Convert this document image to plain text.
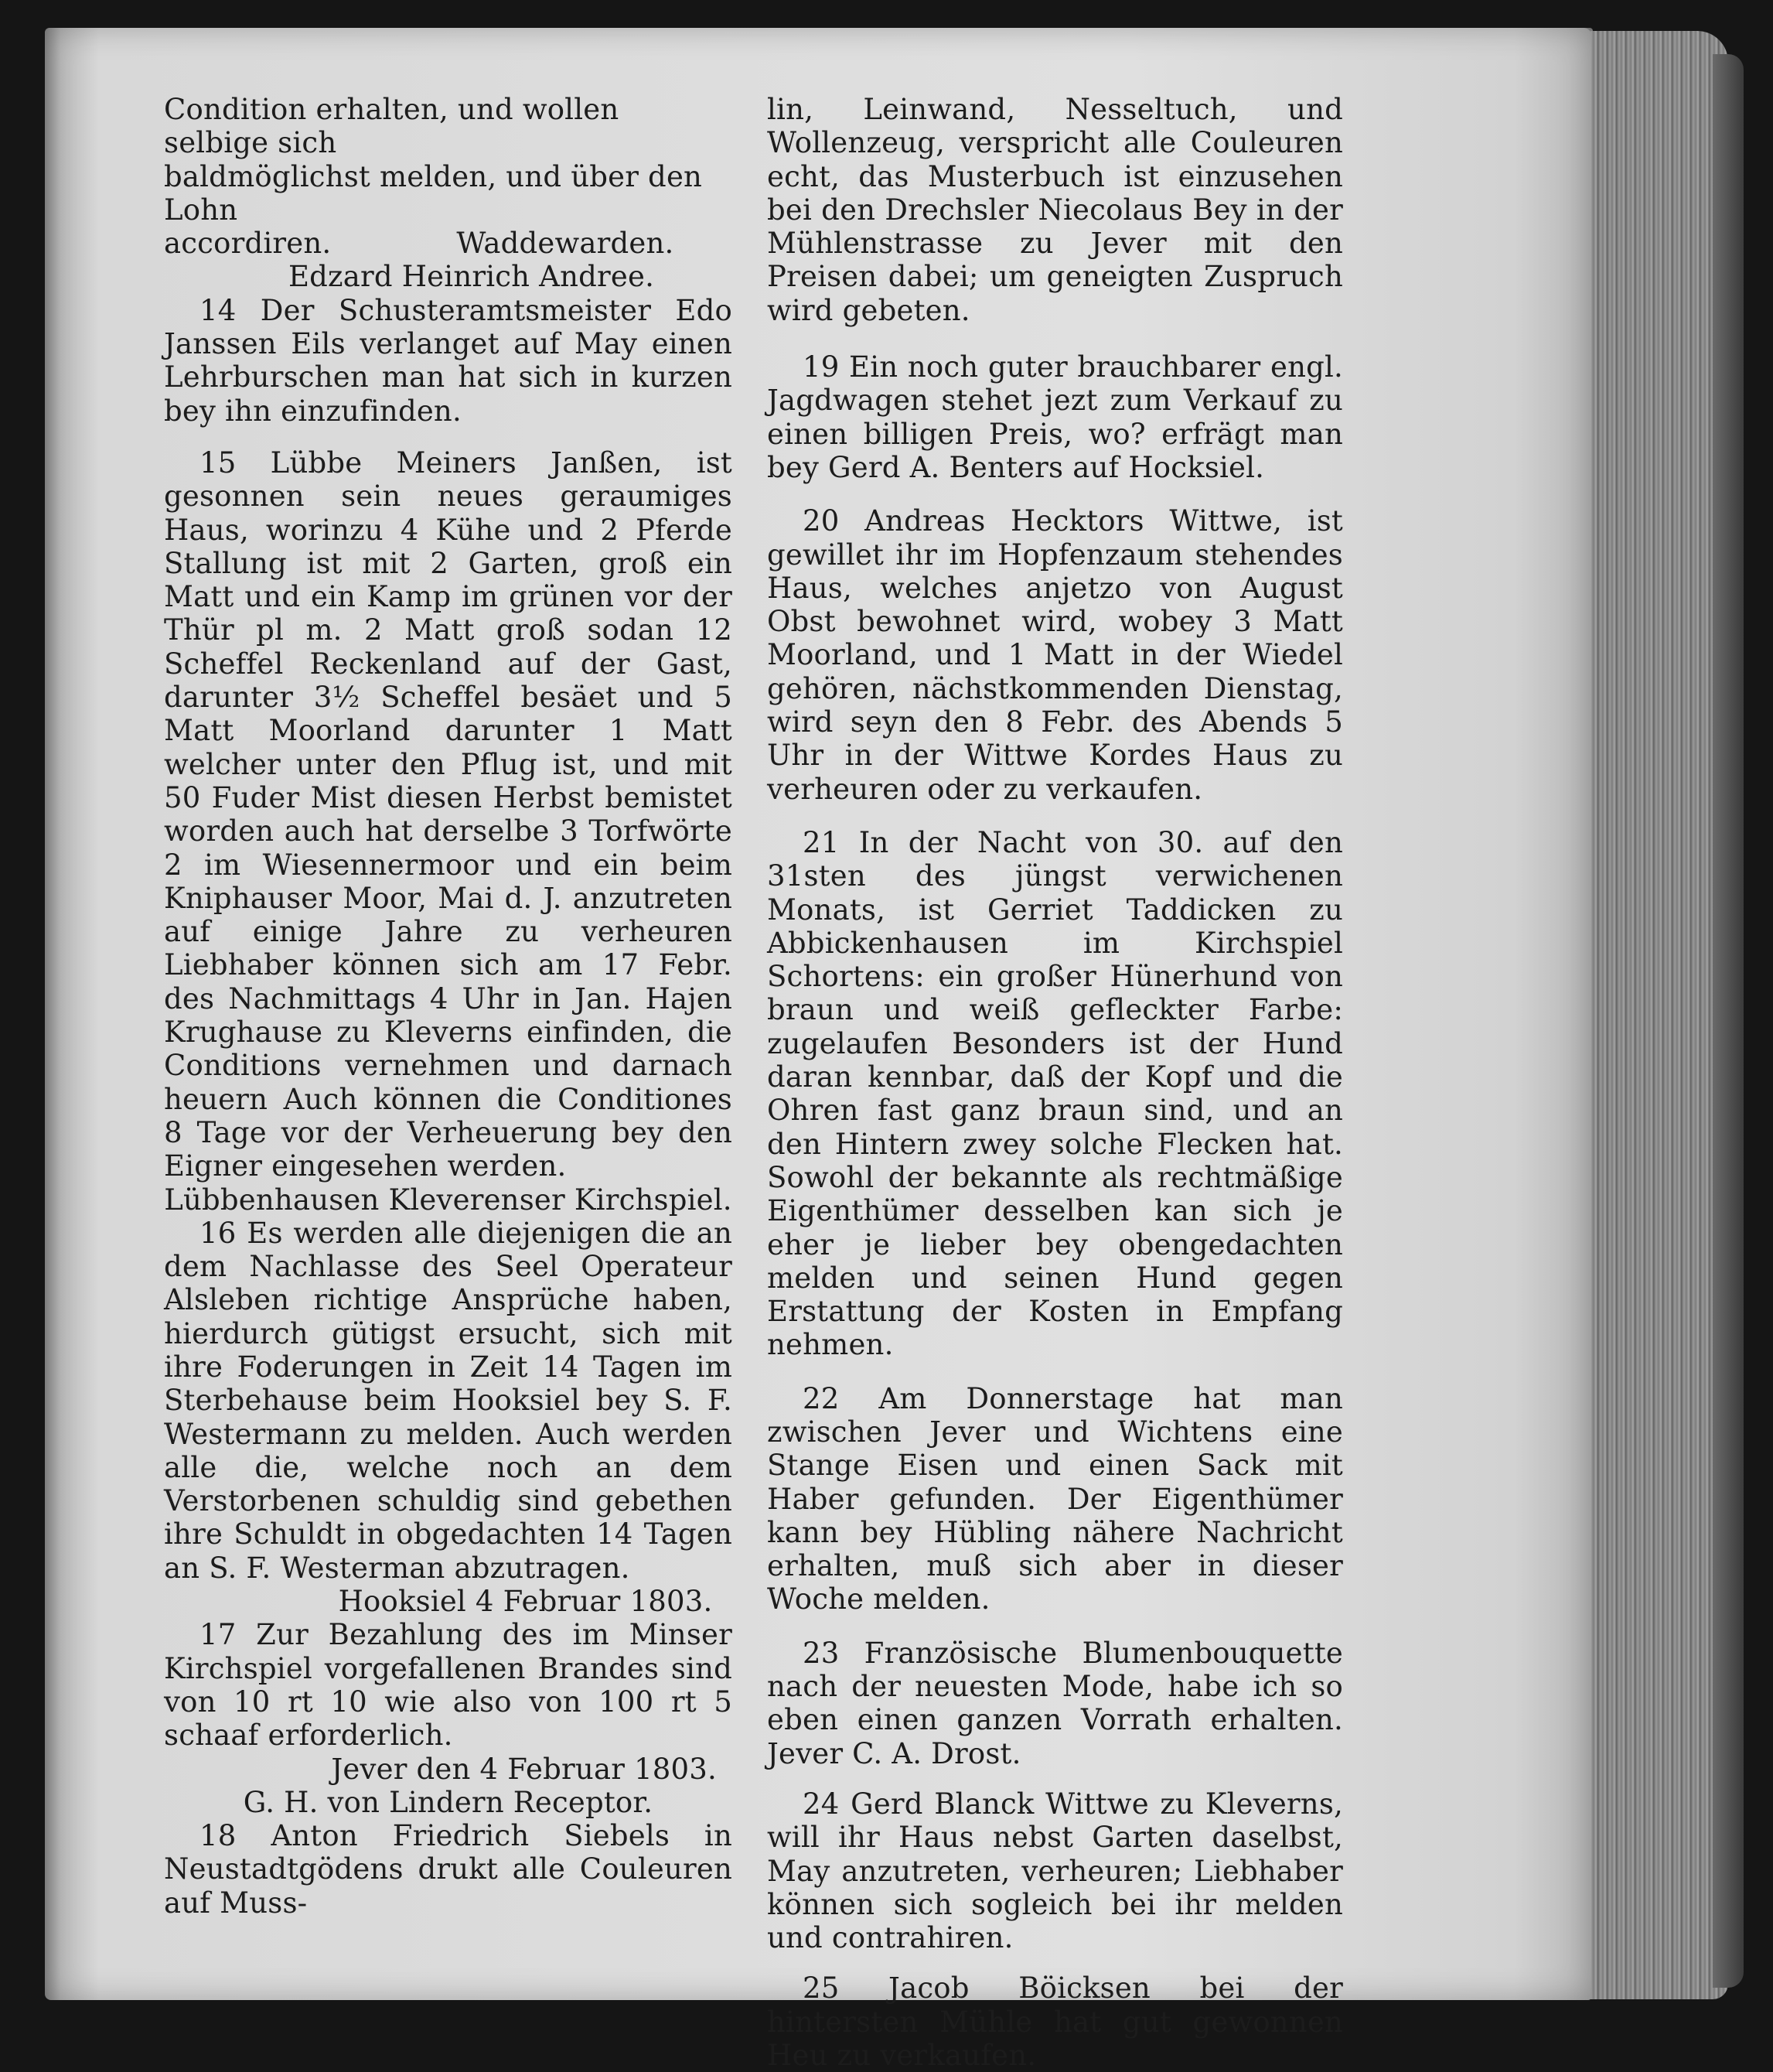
Condition erhalten, und wollen selbige sich

baldmöglichst melden, und über den Lohn

accordiren.	Waddewarden.

Edzard Heinrich Andree.

14 Der Schusteramtsmeister Edo Janssen Eils verlanget auf May einen Lehrburschen man hat sich in kurzen bey ihn einzufinden.

15 Lübbe Meiners Janßen, ist gesonnen sein neues geraumiges Haus, worinzu 4 Kühe und 2 Pferde Stallung ist mit 2 Garten, groß ein Matt und ein Kamp im grünen vor der Thür pl m. 2 Matt groß sodan 12 Scheffel Reckenland auf der Gast, darunter 3½ Scheffel besäet und 5 Matt Moorland darunter 1 Matt welcher unter den Pflug ist, und mit 50 Fuder Mist diesen Herbst bemistet worden auch hat derselbe 3 Torfwörte 2 im Wiesennermoor und ein beim Kniphauser Moor, Mai d. J. anzutreten auf einige Jahre zu verheuren Liebhaber können sich am 17 Febr. des Nachmittags 4 Uhr in Jan. Hajen Krughause zu Kleverns einfinden, die Conditions vernehmen und darnach heuern Auch können die Conditiones 8 Tage vor der Verheuerung bey den Eigner eingesehen werden.

Lübbenhausen Kleverenser Kirchspiel.

16 Es werden alle diejenigen die an dem Nachlasse des Seel Operateur Alsleben richtige Ansprüche haben, hierdurch gütigst ersucht, sich mit ihre Foderungen in Zeit 14 Tagen im Sterbehause beim Hooksiel bey S. F. Westermann zu melden. Auch werden alle die, welche noch an dem Verstorbenen schuldig sind gebethen ihre Schuldt in obgedachten 14 Tagen an S. F. Westerman abzutragen.

Hooksiel 4 Februar 1803.

17 Zur Bezahlung des im Minser Kirchspiel vorgefallenen Brandes sind von 10 rt 10 wie also von 100 rt 5 schaaf erforderlich.

Jever den 4 Februar 1803.

G. H. von Lindern Receptor.

18 Anton Friedrich Siebels in Neustadtgödens drukt alle Couleuren auf Muss-

lin, Leinwand, Nesseltuch, und Wollenzeug, verspricht alle Couleuren echt, das Musterbuch ist einzusehen bei den Drechsler Niecolaus Bey in der Mühlenstrasse zu Jever mit den Preisen dabei; um geneigten Zuspruch wird gebeten.

19 Ein noch guter brauchbarer engl. Jagdwagen stehet jezt zum Verkauf zu einen billigen Preis, wo? erfrägt man bey Gerd A. Benters auf Hocksiel.

20 Andreas Hecktors Wittwe, ist gewillet ihr im Hopfenzaum stehendes Haus, welches anjetzo von August Obst bewohnet wird, wobey 3 Matt Moorland, und 1 Matt in der Wiedel gehören, nächstkommenden Dienstag, wird seyn den 8 Febr. des Abends 5 Uhr in der Wittwe Kordes Haus zu verheuren oder zu verkaufen.

21 In der Nacht von 30. auf den 31sten des jüngst verwichenen Monats, ist Gerriet Taddicken zu Abbickenhausen im Kirchspiel Schortens: ein großer Hünerhund von braun und weiß gefleckter Farbe: zugelaufen Besonders ist der Hund daran kennbar, daß der Kopf und die Ohren fast ganz braun sind, und an den Hintern zwey solche Flecken hat. Sowohl der bekannte als rechtmäßige Eigenthümer desselben kan sich je eher je lieber bey obengedachten melden und seinen Hund gegen Erstattung der Kosten in Empfang nehmen.

22 Am Donnerstage hat man zwischen Jever und Wichtens eine Stange Eisen und einen Sack mit Haber gefunden. Der Eigenthümer kann bey Hübling nähere Nachricht erhalten, muß sich aber in dieser Woche melden.

23 Französische Blumenbouquette nach der neuesten Mode, habe ich so eben einen ganzen Vorrath erhalten. Jever C. A. Drost.

24 Gerd Blanck Wittwe zu Kleverns, will ihr Haus nebst Garten daselbst, May anzutreten, verheuren; Liebhaber können sich sogleich bei ihr melden und contrahiren.

25 Jacob Böicksen bei der hintersten Mühle hat gut gewonnen Heu zu verkaufen.
